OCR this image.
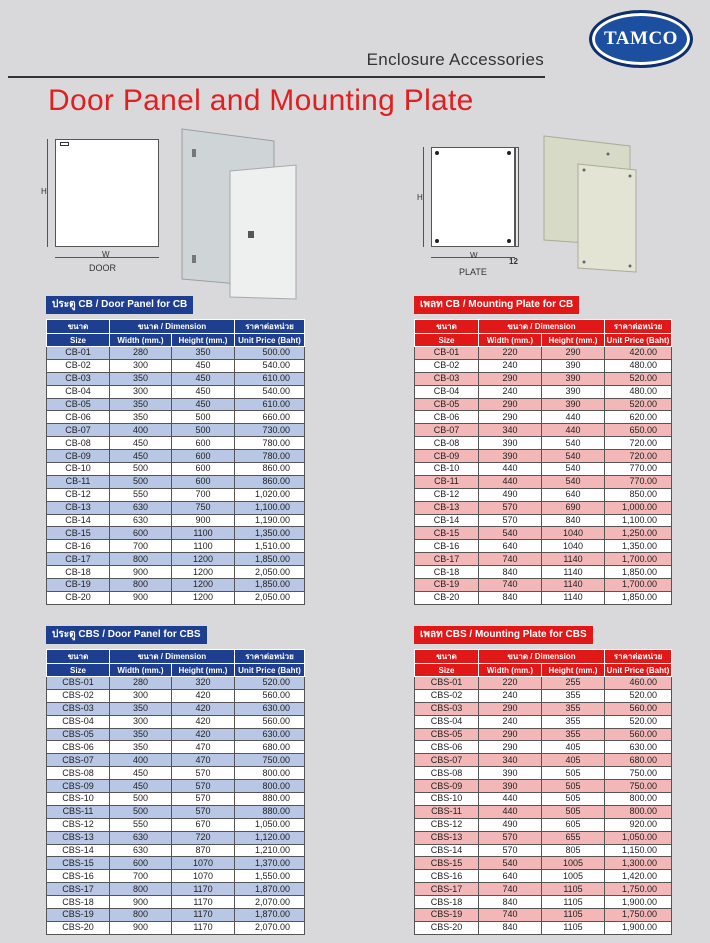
TAMCO
Enclosure Accessories
Door Panel and Mounting Plate
H
W
DOOR
H
W
12
PLATE
ประตู CB / Door Panel for CB
ขนาด	ขนาด / Dimension		ราคาต่อหน่วย
Size	Width (mm.)	Height (mm.)	Unit Price (Baht)
CB-01	280	350	500.00
CB-02	300	450	540.00
CB-03	350	450	610.00
CB-04	300	450	540.00
CB-05	350	450	610.00
CB-06	350	500	660.00
CB-07	400	500	730.00
CB-08	450	600	780.00
CB-09	450	600	780.00
CB-10	500	600	860.00
CB-11	500	600	860.00
CB-12	550	700	1,020.00
CB-13	630	750	1,100.00
CB-14	630	900	1,190.00
CB-15	600	1100	1,350.00
CB-16	700	1100	1,510.00
CB-17	800	1200	1,850.00
CB-18	900	1200	2,050.00
CB-19	800	1200	1,850.00
CB-20	900	1200	2,050.00
เพลท CB / Mounting Plate for CB
ขนาด	ขนาด / Dimension		ราคาต่อหน่วย
Size	Width (mm.)	Height (mm.)	Unit Price (Baht)
CB-01	220	290	420.00
CB-02	240	390	480.00
CB-03	290	390	520.00
CB-04	240	390	480.00
CB-05	290	390	520.00
CB-06	290	440	620.00
CB-07	340	440	650.00
CB-08	390	540	720.00
CB-09	390	540	720.00
CB-10	440	540	770.00
CB-11	440	540	770.00
CB-12	490	640	850.00
CB-13	570	690	1,000.00
CB-14	570	840	1,100.00
CB-15	540	1040	1,250.00
CB-16	640	1040	1,350.00
CB-17	740	1140	1,700.00
CB-18	840	1140	1,850.00
CB-19	740	1140	1,700.00
CB-20	840	1140	1,850.00
ประตู CBS / Door Panel for CBS
ขนาด	ขนาด / Dimension		ราคาต่อหน่วย
Size	Width (mm.)	Height (mm.)	Unit Price (Baht)
CBS-01	280	320	520.00
CBS-02	300	420	560.00
CBS-03	350	420	630.00
CBS-04	300	420	560.00
CBS-05	350	420	630.00
CBS-06	350	470	680.00
CBS-07	400	470	750.00
CBS-08	450	570	800.00
CBS-09	450	570	800.00
CBS-10	500	570	880.00
CBS-11	500	570	880.00
CBS-12	550	670	1,050.00
CBS-13	630	720	1,120.00
CBS-14	630	870	1,210.00
CBS-15	600	1070	1,370.00
CBS-16	700	1070	1,550.00
CBS-17	800	1170	1,870.00
CBS-18	900	1170	2,070.00
CBS-19	800	1170	1,870.00
CBS-20	900	1170	2,070.00
เพลท CBS / Mounting Plate for CBS
ขนาด	ขนาด / Dimension		ราคาต่อหน่วย
Size	Width (mm.)	Height (mm.)	Unit Price (Baht)
CBS-01	220	255	460.00
CBS-02	240	355	520.00
CBS-03	290	355	560.00
CBS-04	240	355	520.00
CBS-05	290	355	560.00
CBS-06	290	405	630.00
CBS-07	340	405	680.00
CBS-08	390	505	750.00
CBS-09	390	505	750.00
CBS-10	440	505	800.00
CBS-11	440	505	800.00
CBS-12	490	605	920.00
CBS-13	570	655	1,050.00
CBS-14	570	805	1,150.00
CBS-15	540	1005	1,300.00
CBS-16	640	1005	1,420.00
CBS-17	740	1105	1,750.00
CBS-18	840	1105	1,900.00
CBS-19	740	1105	1,750.00
CBS-20	840	1105	1,900.00
